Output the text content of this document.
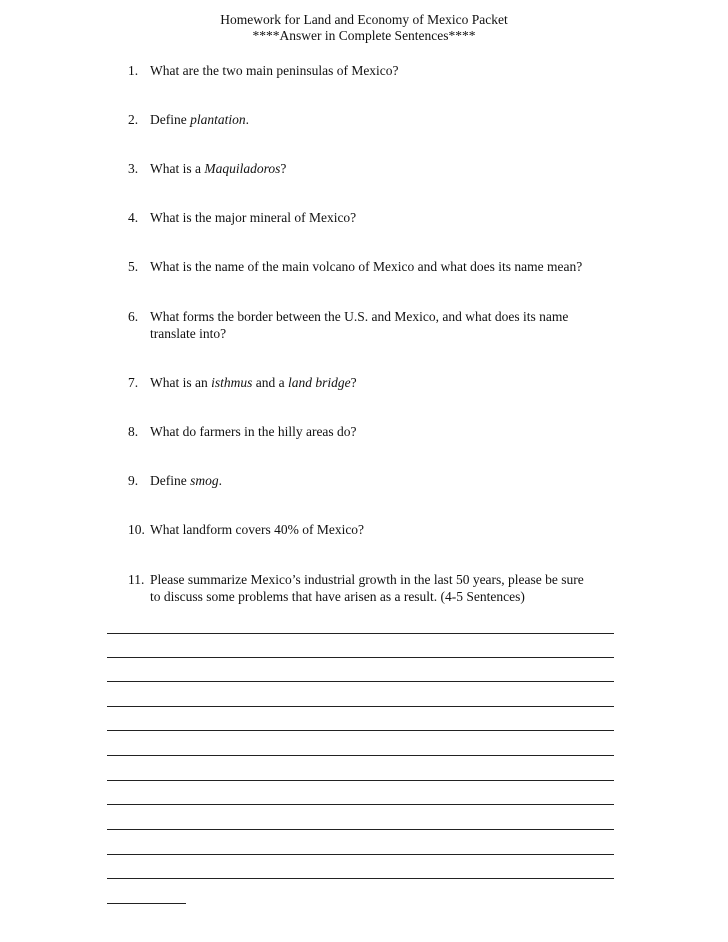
Homework for Land and Economy of Mexico Packet
****Answer in Complete Sentences****
1. What are the two main peninsulas of Mexico?
2. Define plantation.
3. What is a Maquiladoros?
4. What is the major mineral of Mexico?
5. What is the name of the main volcano of Mexico and what does its name mean?
6. What forms the border between the U.S. and Mexico, and what does its name
translate into?
7. What is an isthmus and a land bridge?
8. What do farmers in the hilly areas do?
9. Define smog.
10. What landform covers 40% of Mexico?
11. Please summarize Mexico’s industrial growth in the last 50 years, please be sure
to discuss some problems that have arisen as a result. (4-5 Sentences)
